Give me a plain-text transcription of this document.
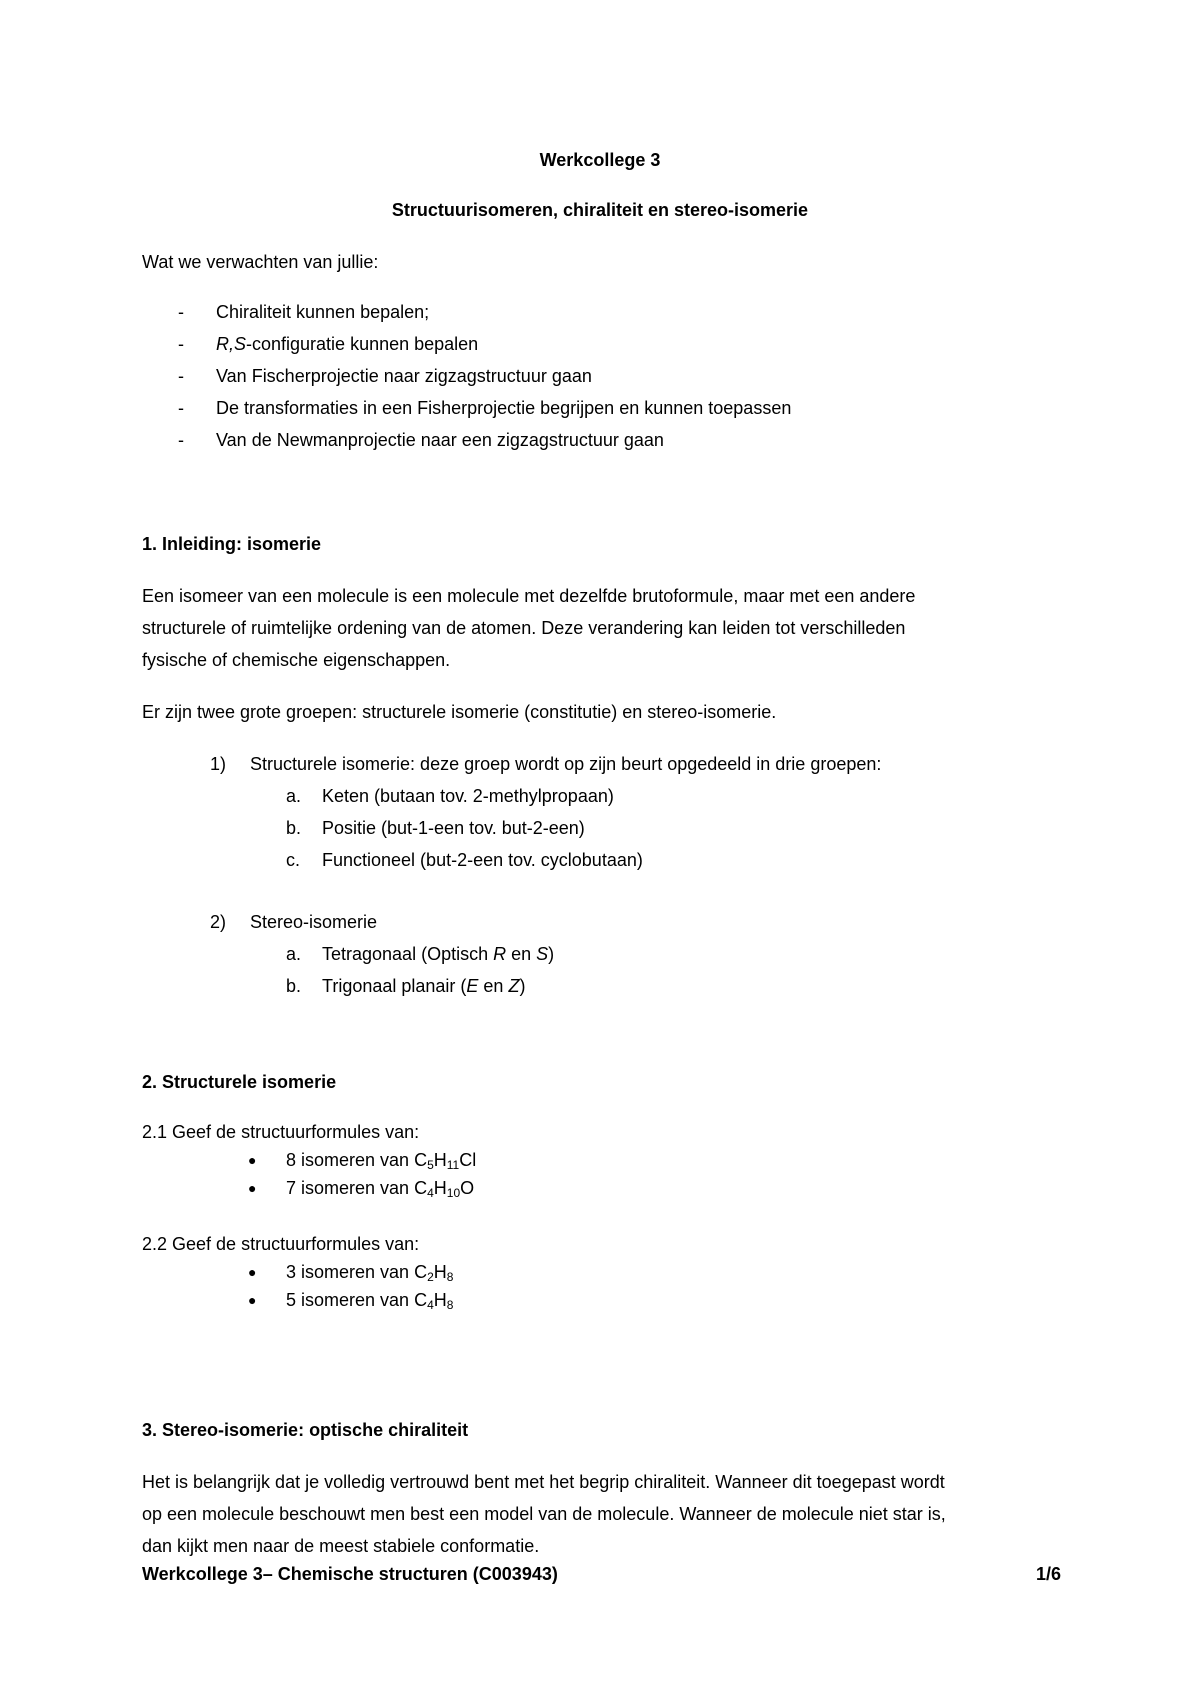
Werkcollege 3
Structuurisomeren, chiraliteit en stereo-isomerie
Wat we verwachten van jullie:
- Chiraliteit kunnen bepalen;
- R,S-configuratie kunnen bepalen
- Van Fischerprojectie naar zigzagstructuur gaan
- De transformaties in een Fisherprojectie begrijpen en kunnen toepassen
- Van de Newmanprojectie naar een zigzagstructuur gaan
1. Inleiding: isomerie
Een isomeer van een molecule is een molecule met dezelfde brutoformule, maar met een andere
structurele of ruimtelijke ordening van de atomen. Deze verandering kan leiden tot verschilleden
fysische of chemische eigenschappen.
Er zijn twee grote groepen: structurele isomerie (constitutie) en stereo-isomerie.
1) Structurele isomerie: deze groep wordt op zijn beurt opgedeeld in drie groepen:
a. Keten (butaan tov. 2-methylpropaan)
b. Positie (but-1-een tov. but-2-een)
c. Functioneel (but-2-een tov. cyclobutaan)
2) Stereo-isomerie
a. Tetragonaal (Optisch R en S)
b. Trigonaal planair (E en Z)
2. Structurele isomerie
2.1 Geef de structuurformules van:
● 8 isomeren van $C_5H_{11}Cl$
● 7 isomeren van $C_4H_{10}O$
2.2 Geef de structuurformules van:
● 3 isomeren van $C_2H_8$
● 5 isomeren van $C_4H_8$
3. Stereo-isomerie: optische chiraliteit
Het is belangrijk dat je volledig vertrouwd bent met het begrip chiraliteit. Wanneer dit toegepast wordt
op een molecule beschouwt men best een model van de molecule. Wanneer de molecule niet star is,
dan kijkt men naar de meest stabiele conformatie.
Werkcollege 3– Chemische structuren (C003943)	1/6
